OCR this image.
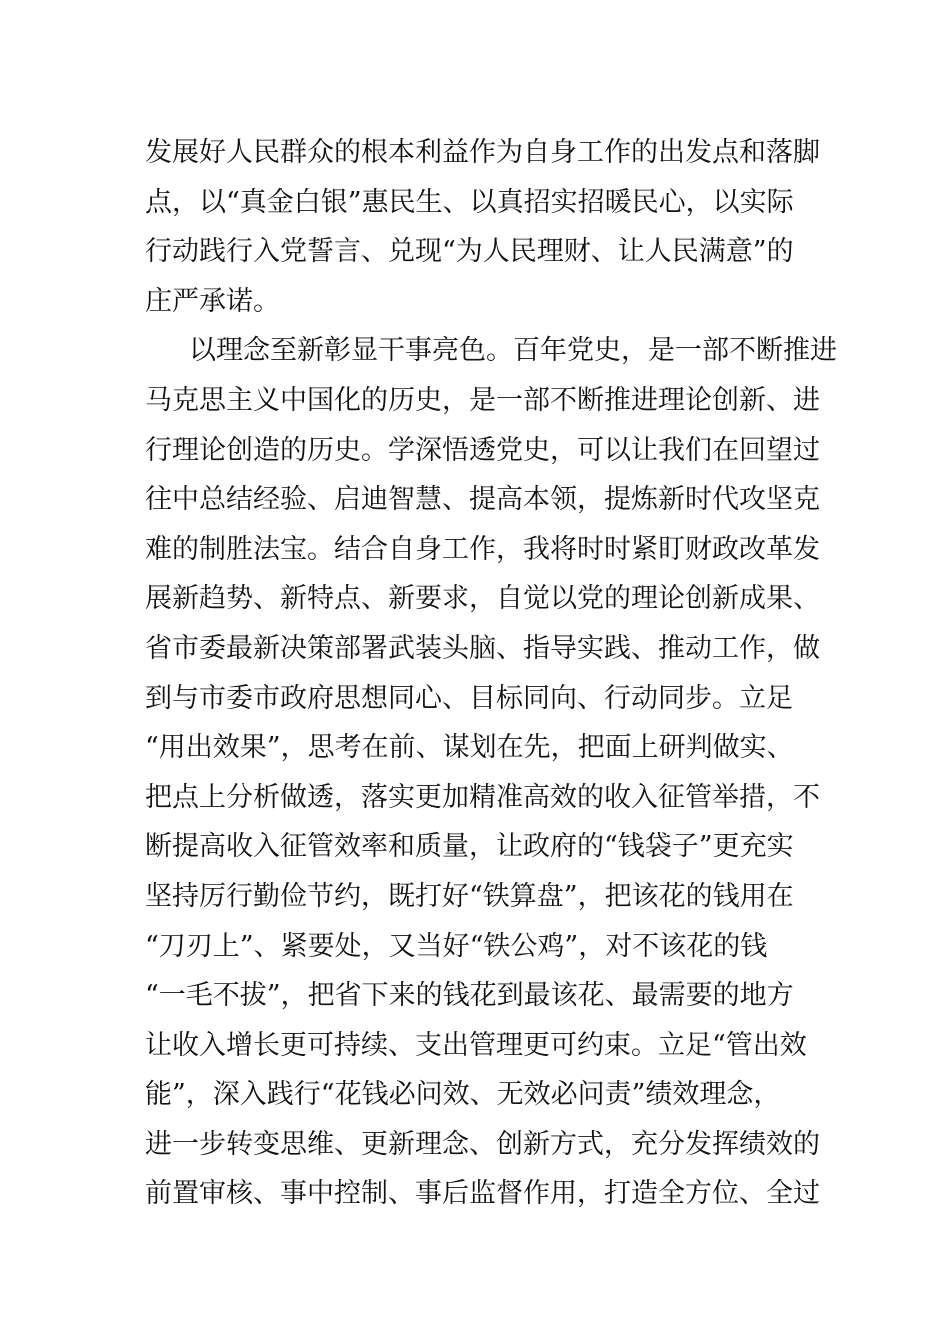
发展好人民群众的根本利益作为自身工作的出发点和落脚
点，以“真金白银”惠民生、以真招实招暖民心，以实际
行动践行入党誓言、兑现“为人民理财、让人民满意”的
庄严承诺。
以理念至新彰显干事亮色。百年党史，是一部不断推进
马克思主义中国化的历史，是一部不断推进理论创新、进
行理论创造的历史。学深悟透党史，可以让我们在回望过
往中总结经验、启迪智慧、提高本领，提炼新时代攻坚克
难的制胜法宝。结合自身工作，我将时时紧盯财政改革发
展新趋势、新特点、新要求，自觉以党的理论创新成果、
省市委最新决策部署武装头脑、指导实践、推动工作，做
到与市委市政府思想同心、目标同向、行动同步。立足
“用出效果”，思考在前、谋划在先，把面上研判做实、
把点上分析做透，落实更加精准高效的收入征管举措，不
断提高收入征管效率和质量，让政府的“钱袋子”更充实
坚持厉行勤俭节约，既打好“铁算盘”，把该花的钱用在
“刀刃上”、紧要处，又当好“铁公鸡”，对不该花的钱
“一毛不拔”，把省下来的钱花到最该花、最需要的地方
让收入增长更可持续、支出管理更可约束。立足“管出效
能”，深入践行“花钱必问效、无效必问责”绩效理念，
进一步转变思维、更新理念、创新方式，充分发挥绩效的
前置审核、事中控制、事后监督作用，打造全方位、全过
